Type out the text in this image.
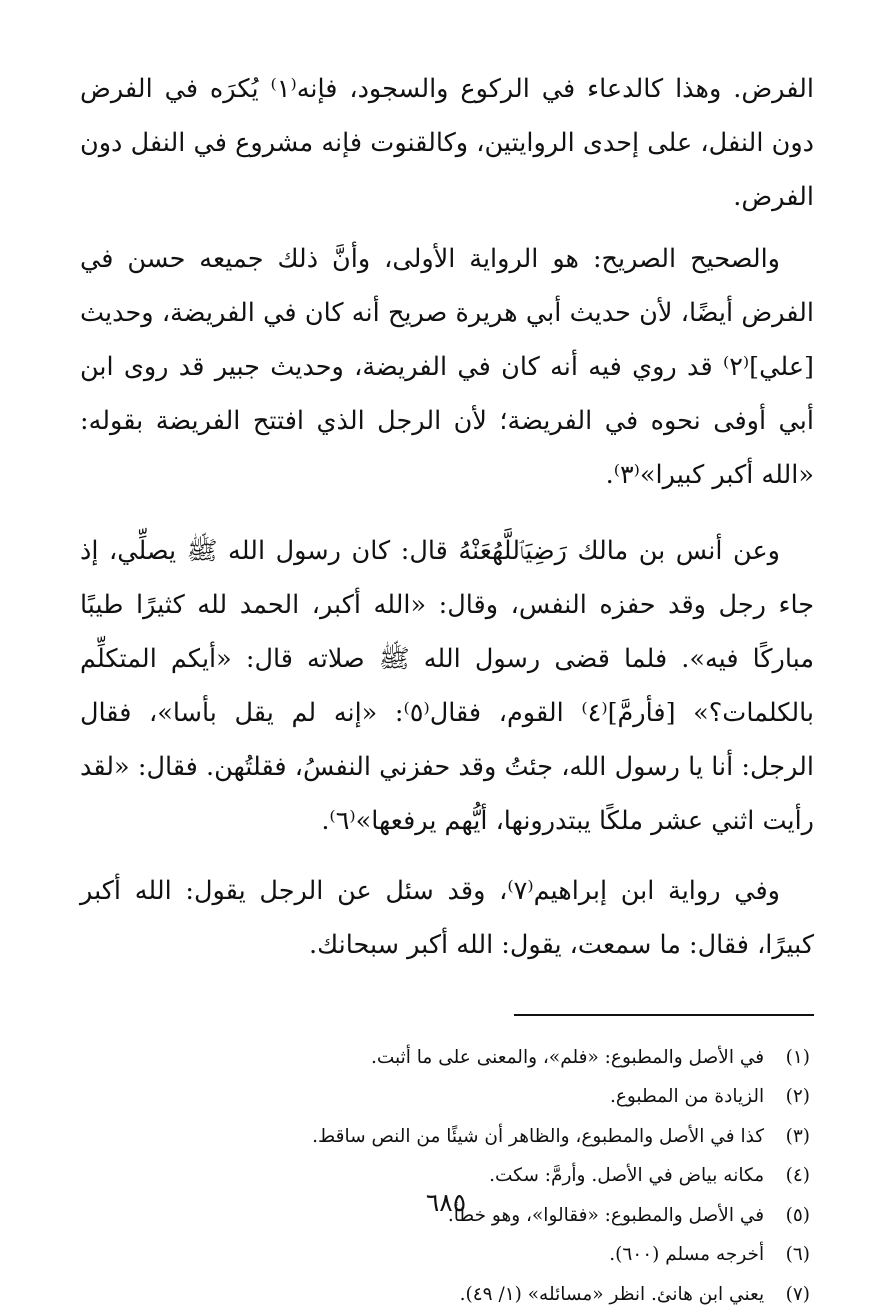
الفرض. وهذا كالدعاء في الركوع والسجود، فإنه⁽١⁾ يُكرَه في الفرض دون النفل، على إحدى الروايتين، وكالقنوت فإنه مشروع في النفل دون الفرض.
والصحيح الصريح: هو الرواية الأولى، وأنَّ ذلك جميعه حسن في الفرض أيضًا، لأن حديث أبي هريرة صريح أنه كان في الفريضة، وحديث [علي]⁽٢⁾ قد روي فيه أنه كان في الفريضة، وحديث جبير قد روى ابن أبي أوفى نحوه في الفريضة؛ لأن الرجل الذي افتتح الفريضة بقوله: «الله أكبر كبيرا»⁽٣⁾.
وعن أنس بن مالك رَضِيَٱللَّهُعَنْهُ قال: كان رسول الله ﷺ يصلِّي، إذ جاء رجل وقد حفزه النفس، وقال: «الله أكبر، الحمد لله كثيرًا طيبًا مباركًا فيه». فلما قضى رسول الله ﷺ صلاته قال: «أيكم المتكلِّم بالكلمات؟» [فأرمَّ]⁽٤⁾ القوم، فقال⁽٥⁾: «إنه لم يقل بأسا»، فقال الرجل: أنا يا رسول الله، جئتُ وقد حفزني النفسُ، فقلتُهن. فقال: «لقد رأيت اثني عشر ملكًا يبتدرونها، أيُّهم يرفعها»⁽٦⁾.
وفي رواية ابن إبراهيم⁽٧⁾، وقد سئل عن الرجل يقول: الله أكبر كبيرًا، فقال: ما سمعت، يقول: الله أكبر سبحانك.

(١) في الأصل والمطبوع: «فلم»، والمعنى على ما أثبت.

(٢) الزيادة من المطبوع.

(٣) كذا في الأصل والمطبوع، والظاهر أن شيئًا من النص ساقط.

(٤) مكانه بياض في الأصل. وأرمَّ: سكت.

(٥) في الأصل والمطبوع: «فقالوا»، وهو خطأ.

(٦) أخرجه مسلم (٦٠٠).

(٧) يعني ابن هانئ. انظر «مسائله» (١/ ٤٩).

٦٨٥
